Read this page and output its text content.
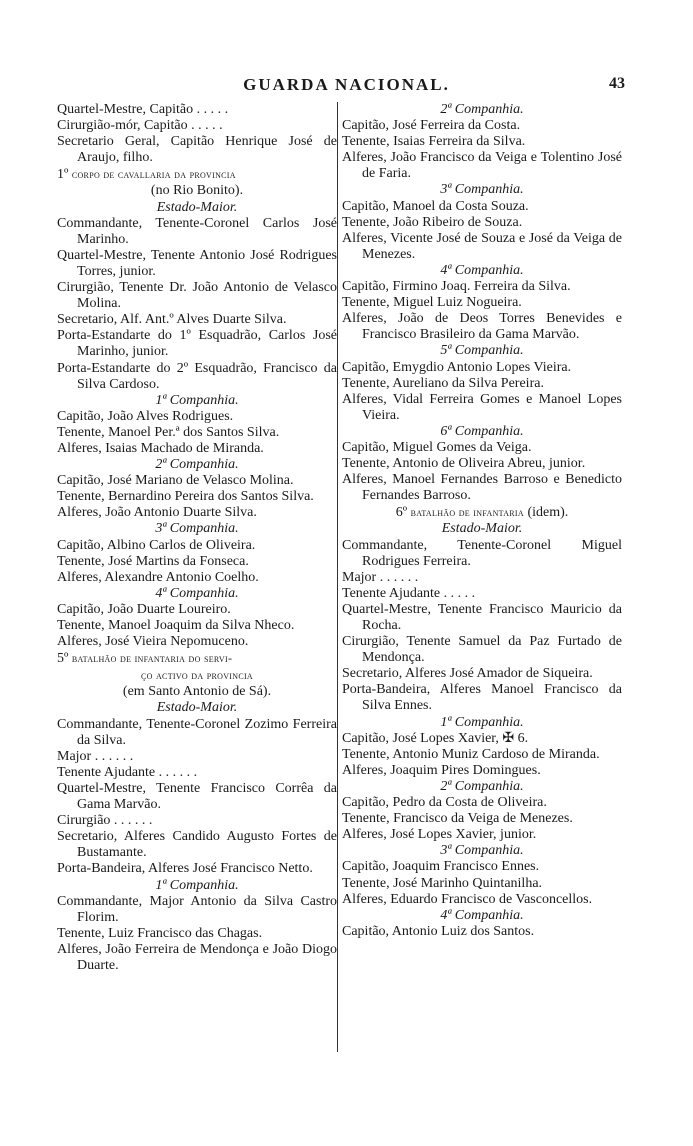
GUARDA NACIONAL.	43
Quartel-Mestre, Capitão . . . . .
Cirurgião-mór, Capitão . . . . .
Secretario Geral, Capitão Henrique José de Araujo, filho.
1º corpo de cavallaria da provincia
(no Rio Bonito).
Estado-Maior.
Commandante, Tenente-Coronel Carlos José Marinho.
Quartel-Mestre, Tenente Antonio José Rodrigues Torres, junior.
Cirurgião, Tenente Dr. João Antonio de Velasco Molina.
Secretario, Alf. Ant.º Alves Duarte Silva.
Porta-Estandarte do 1º Esquadrão, Carlos José Marinho, junior.
Porta-Estandarte do 2º Esquadrão, Francisco da Silva Cardoso.
1ª Companhia.
Capitão, João Alves Rodrigues.
Tenente, Manoel Per.ª dos Santos Silva.
Alferes, Isaias Machado de Miranda.
2ª Companhia.
Capitão, José Mariano de Velasco Molina.
Tenente, Bernardino Pereira dos Santos Silva.
Alferes, João Antonio Duarte Silva.
3ª Companhia.
Capitão, Albino Carlos de Oliveira.
Tenente, José Martins da Fonseca.
Alferes, Alexandre Antonio Coelho.
4ª Companhia.
Capitão, João Duarte Loureiro.
Tenente, Manoel Joaquim da Silva Nheco.
Alferes, José Vieira Nepomuceno.
5º batalhão de infantaria do servi-
ço activo da provincia
(em Santo Antonio de Sá).
Estado-Maior.
Commandante, Tenente-Coronel Zozimo Ferreira da Silva.
Major . . . . . .
Tenente Ajudante . . . . . .
Quartel-Mestre, Tenente Francisco Corrêa da Gama Marvão.
Cirurgião . . . . . .
Secretario, Alferes Candido Augusto Fortes de Bustamante.
Porta-Bandeira, Alferes José Francisco Netto.
1ª Companhia.
Commandante, Major Antonio da Silva Castro Florim.
Tenente, Luiz Francisco das Chagas.
Alferes, João Ferreira de Mendonça e João Diogo Duarte.
2ª Companhia.
Capitão, José Ferreira da Costa.
Tenente, Isaias Ferreira da Silva.
Alferes, João Francisco da Veiga e Tolentino José de Faria.
3ª Companhia.
Capitão, Manoel da Costa Souza.
Tenente, João Ribeiro de Souza.
Alferes, Vicente José de Souza e José da Veiga de Menezes.
4ª Companhia.
Capitão, Firmino Joaq. Ferreira da Silva.
Tenente, Miguel Luiz Nogueira.
Alferes, João de Deos Torres Benevides e Francisco Brasileiro da Gama Marvão.
5ª Companhia.
Capitão, Emygdio Antonio Lopes Vieira.
Tenente, Aureliano da Silva Pereira.
Alferes, Vidal Ferreira Gomes e Manoel Lopes Vieira.
6ª Companhia.
Capitão, Miguel Gomes da Veiga.
Tenente, Antonio de Oliveira Abreu, junior.
Alferes, Manoel Fernandes Barroso e Benedicto Fernandes Barroso.
6º batalhão de infantaria (idem).
Estado-Maior.
Commandante, Tenente-Coronel Miguel Rodrigues Ferreira.
Major . . . . . .
Tenente Ajudante . . . . .
Quartel-Mestre, Tenente Francisco Mauricio da Rocha.
Cirurgião, Tenente Samuel da Paz Furtado de Mendonça.
Secretario, Alferes José Amador de Siqueira.
Porta-Bandeira, Alferes Manoel Francisco da Silva Ennes.
1ª Companhia.
Capitão, José Lopes Xavier, ✠ 6.
Tenente, Antonio Muniz Cardoso de Miranda.
Alferes, Joaquim Pires Domingues.
2ª Companhia.
Capitão, Pedro da Costa de Oliveira.
Tenente, Francisco da Veiga de Menezes.
Alferes, José Lopes Xavier, junior.
3ª Companhia.
Capitão, Joaquim Francisco Ennes.
Tenente, José Marinho Quintanilha.
Alferes, Eduardo Francisco de Vasconcellos.
4ª Companhia.
Capitão, Antonio Luiz dos Santos.
